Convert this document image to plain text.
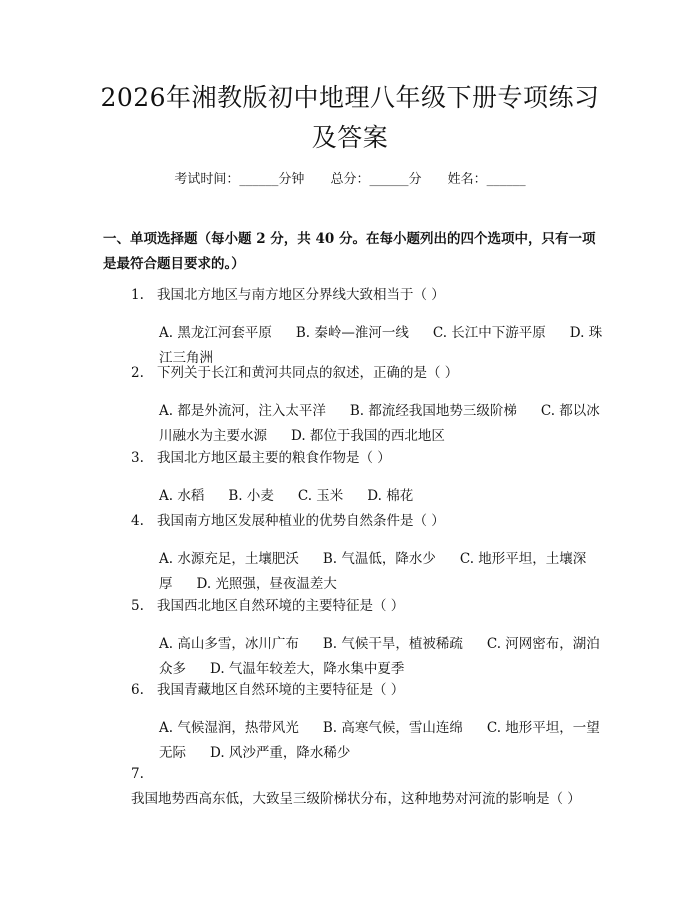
2026年湘教版初中地理八年级下册专项练习及答案
考试时间：______分钟 总分：______分 姓名：______
一、单项选择题（每小题 2 分，共 40 分。在每小题列出的四个选项中，只有一项是最符合题目要求的。）
1. 我国北方地区与南方地区分界线大致相当于（ ）
A. 黑龙江河套平原 B. 秦岭—淮河一线 C. 长江中下游平原 D. 珠江三角洲
2. 下列关于长江和黄河共同点的叙述，正确的是（ ）
A. 都是外流河，注入太平洋 B. 都流经我国地势三级阶梯 C. 都以冰川融水为主要水源 D. 都位于我国的西北地区
3. 我国北方地区最主要的粮食作物是（ ）
A. 水稻 B. 小麦 C. 玉米 D. 棉花
4. 我国南方地区发展种植业的优势自然条件是（ ）
A. 水源充足，土壤肥沃 B. 气温低，降水少 C. 地形平坦，土壤深厚 D. 光照强，昼夜温差大
5. 我国西北地区自然环境的主要特征是（ ）
A. 高山多雪，冰川广布 B. 气候干旱，植被稀疏 C. 河网密布，湖泊众多 D. 气温年较差大，降水集中夏季
6. 我国青藏地区自然环境的主要特征是（ ）
A. 气候湿润，热带风光 B. 高寒气候，雪山连绵 C. 地形平坦，一望无际 D. 风沙严重，降水稀少
7.我国地势西高东低，大致呈三级阶梯状分布，这种地势对河流的影响是（ ）
